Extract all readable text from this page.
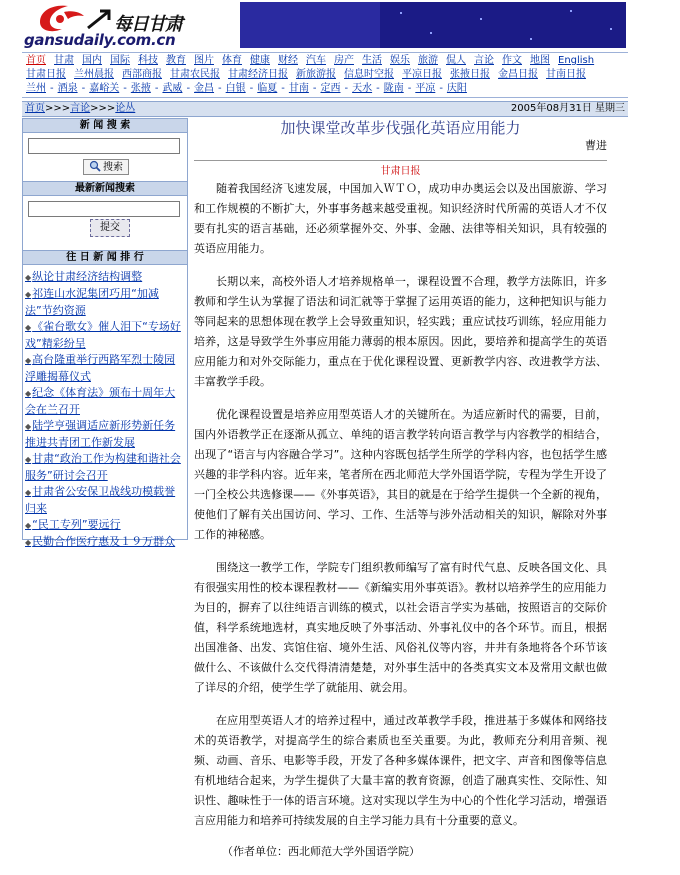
每日甘肃
gansudaily.com.cn
首页 甘肃 国内 国际 科技 教育 图片 体育 健康 财经 汽车 房产 生活 娱乐 旅游 侃人 言论 作文 地图 English
甘肃日报 兰州晨报 西部商报 甘肃农民报 甘肃经济日报 新旅游报 信息时空报 平凉日报 张掖日报 金昌日报 甘南日报
兰州 - 酒泉 - 嘉峪关 - 张掖 - 武威 - 金昌 - 白银 - 临夏 - 甘南 - 定西 - 天水 - 陇南 - 平凉 - 庆阳
首页>>>言论>>>论丛	2005年08月31日 星期三
新 闻 搜 索
搜索
最新新闻搜索
提交
往 日 新 闻 排 行
◆纵论甘肃经济结构调整
◆祁连山水泥集团巧用“加减法”节约资源
◆《雀台歌女》催人泪下“专场好戏”精彩纷呈
◆高台隆重举行西路军烈士陵园浮雕揭幕仪式
◆纪念《体育法》颁布十周年大会在兰召开
◆陆学亨强调适应新形势新任务推进共青团工作新发展
◆甘肃“政治工作为构建和谐社会服务”研讨会召开
◆甘肃省公安保卫战线功模载誉归来
◆“民工专列”要远行
◆民勤合作医疗惠及１９万群众
加快课堂改革步伐强化英语应用能力
曹进
甘肃日报

随着我国经济飞速发展，中国加入ＷＴＯ，成功申办奥运会以及出国旅游、学习和工作规模的不断扩大，外事事务越来越受重视。知识经济时代所需的英语人才不仅要有扎实的语言基础，还必须掌握外交、外事、金融、法律等相关知识，具有较强的英语应用能力。

长期以来，高校外语人才培养规格单一，课程设置不合理，教学方法陈旧，许多教师和学生认为掌握了语法和词汇就等于掌握了运用英语的能力，这种把知识与能力等同起来的思想体现在教学上会导致重知识，轻实践；重应试技巧训练，轻应用能力培养，这是导致学生外事应用能力薄弱的根本原因。因此，要培养和提高学生的英语应用能力和对外交际能力，重点在于优化课程设置、更新教学内容、改进教学方法、丰富教学手段。

优化课程设置是培养应用型英语人才的关键所在。为适应新时代的需要，目前，国内外语教学正在逐渐从孤立、单纯的语言教学转向语言教学与内容教学的相结合，出现了“语言与内容融合学习”。这种内容既包括学生所学的学科内容，也包括学生感兴趣的非学科内容。近年来，笔者所在西北师范大学外国语学院，专程为学生开设了一门全校公共选修课——《外事英语》，其目的就是在于给学生提供一个全新的视角，使他们了解有关出国访问、学习、工作、生活等与涉外活动相关的知识，解除对外事工作的神秘感。

围绕这一教学工作，学院专门组织教师编写了富有时代气息、反映各国文化、具有很强实用性的校本课程教材——《新编实用外事英语》。教材以培养学生的应用能力为目的，摒弃了以往纯语言训练的模式，以社会语言学实为基础，按照语言的交际价值，科学系统地选材，真实地反映了外事活动、外事礼仪中的各个环节。而且，根据出国准备、出发、宾馆住宿、境外生活、风俗礼仪等内容，井井有条地将各个环节该做什么、不该做什么交代得清清楚楚，对外事生活中的各类真实文本及常用文献也做了详尽的介绍，使学生学了就能用、就会用。

在应用型英语人才的培养过程中，通过改革教学手段，推进基于多媒体和网络技术的英语教学，对提高学生的综合素质也至关重要。为此，教师充分利用音频、视频、动画、音乐、电影等手段，开发了各种多媒体课件，把文字、声音和图像等信息有机地结合起来，为学生提供了大量丰富的教育资源，创造了融真实性、交际性、知识性、趣味性于一体的语言环境。这对实现以学生为中心的个性化学习活动，增强语言应用能力和培养可持续发展的自主学习能力具有十分重要的意义。

（作者单位：西北师范大学外国语学院）
